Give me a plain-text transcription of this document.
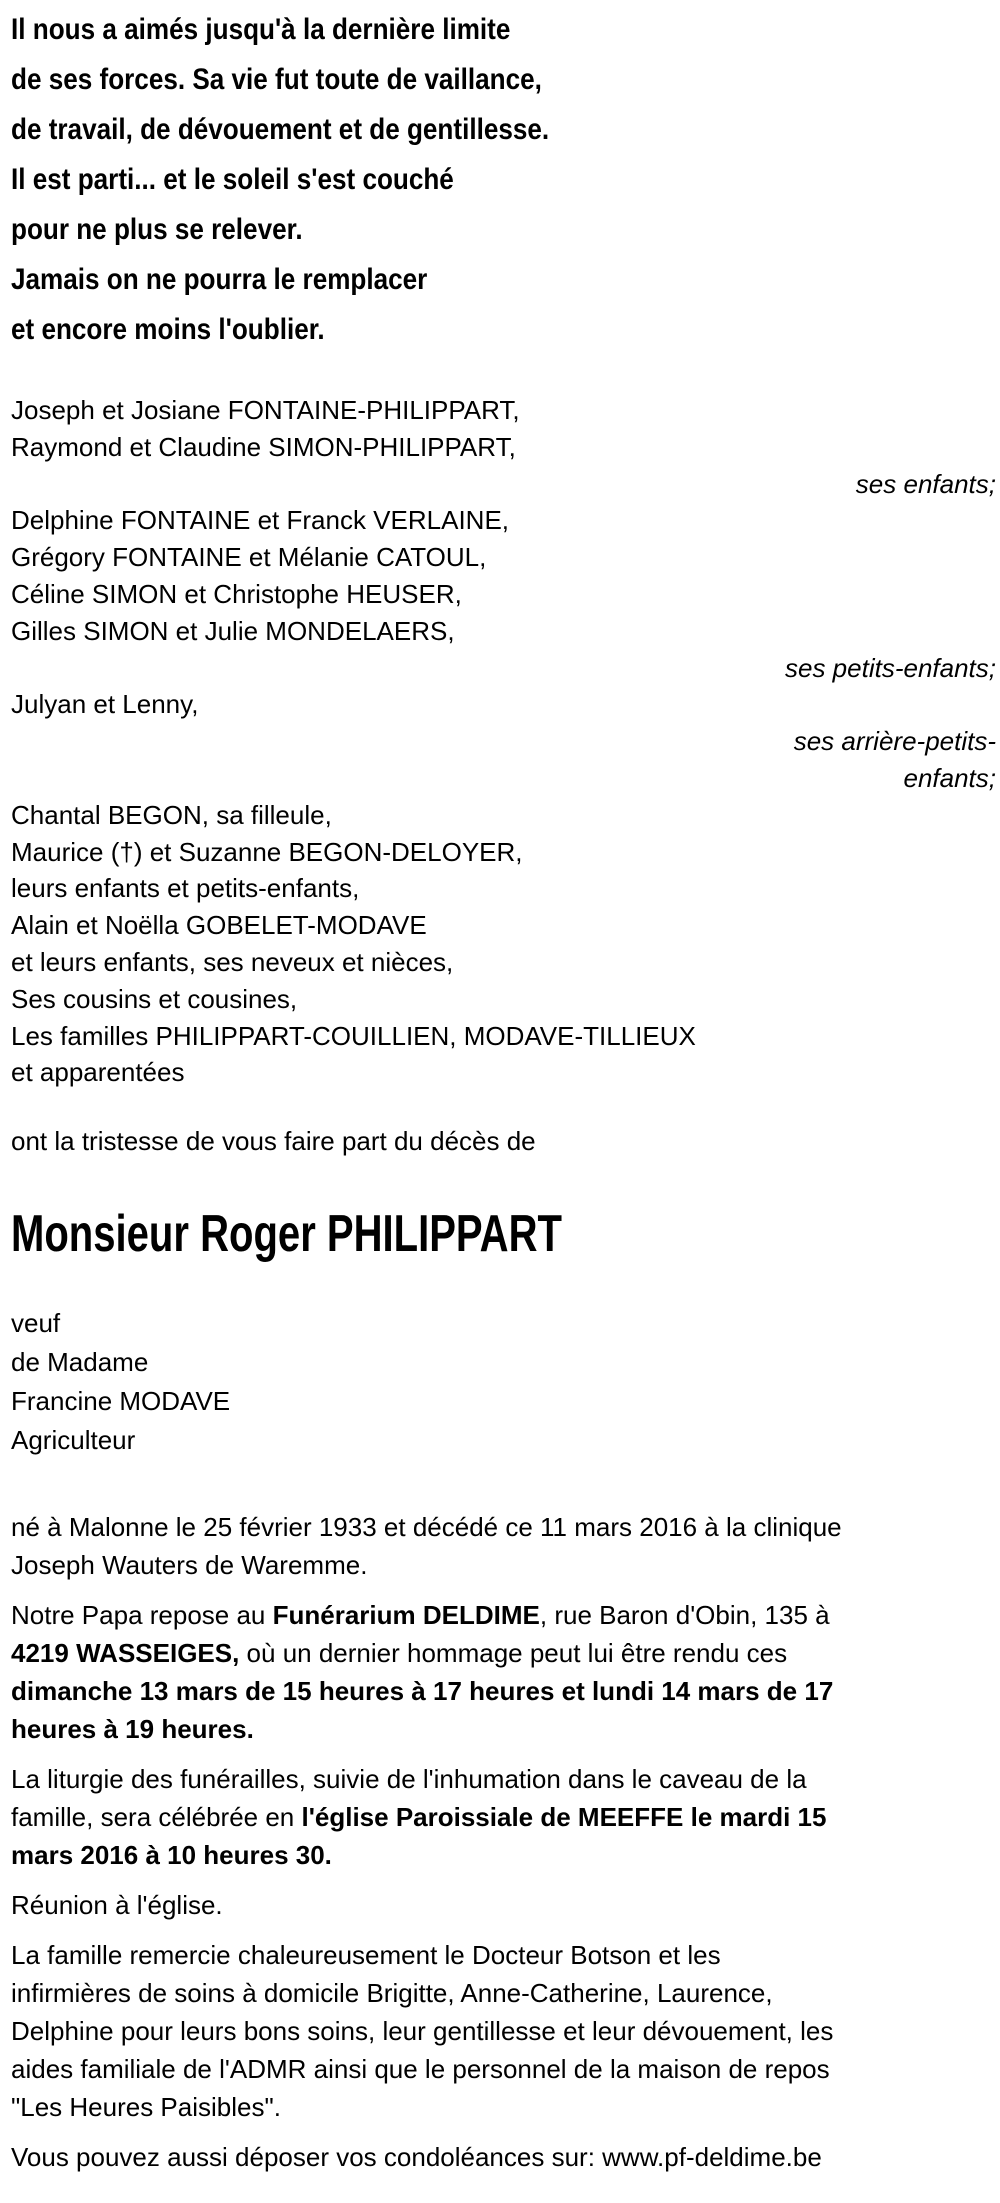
Il nous a aimés jusqu'à la dernière limite
de ses forces. Sa vie fut toute de vaillance,
de travail, de dévouement et de gentillesse.
Il est parti... et le soleil s'est couché
pour ne plus se relever.
Jamais on ne pourra le remplacer
et encore moins l'oublier.
Joseph et Josiane FONTAINE-PHILIPPART,
Raymond et Claudine SIMON-PHILIPPART,
ses enfants;
Delphine FONTAINE et Franck VERLAINE,
Grégory FONTAINE et Mélanie CATOUL,
Céline SIMON et Christophe HEUSER,
Gilles SIMON et Julie MONDELAERS,
ses petits-enfants;
Julyan et Lenny,
ses arrière-petits-
enfants;
Chantal BEGON, sa filleule,
Maurice (†) et Suzanne BEGON-DELOYER,
leurs enfants et petits-enfants,
Alain et Noëlla GOBELET-MODAVE
et leurs enfants, ses neveux et nièces,
Ses cousins et cousines,
Les familles PHILIPPART-COUILLIEN, MODAVE-TILLIEUX
et apparentées
ont la tristesse de vous faire part du décès de
Monsieur Roger PHILIPPART
veuf
de Madame
Francine MODAVE
Agriculteur
né à Malonne le 25 février 1933 et décédé ce 11 mars 2016 à la clinique
Joseph Wauters de Waremme.
Notre Papa repose au Funérarium DELDIME, rue Baron d'Obin, 135 à
4219 WASSEIGES, où un dernier hommage peut lui être rendu ces
dimanche 13 mars de 15 heures à 17 heures et lundi 14 mars de 17
heures à 19 heures.
La liturgie des funérailles, suivie de l'inhumation dans le caveau de la
famille, sera célébrée en l'église Paroissiale de MEEFFE le mardi 15
mars 2016 à 10 heures 30.
Réunion à l'église.
La famille remercie chaleureusement le Docteur Botson et les
infirmières de soins à domicile Brigitte, Anne-Catherine, Laurence,
Delphine pour leurs bons soins, leur gentillesse et leur dévouement, les
aides familiale de l'ADMR ainsi que le personnel de la maison de repos
"Les Heures Paisibles".
Vous pouvez aussi déposer vos condoléances sur: www.pf-deldime.be
